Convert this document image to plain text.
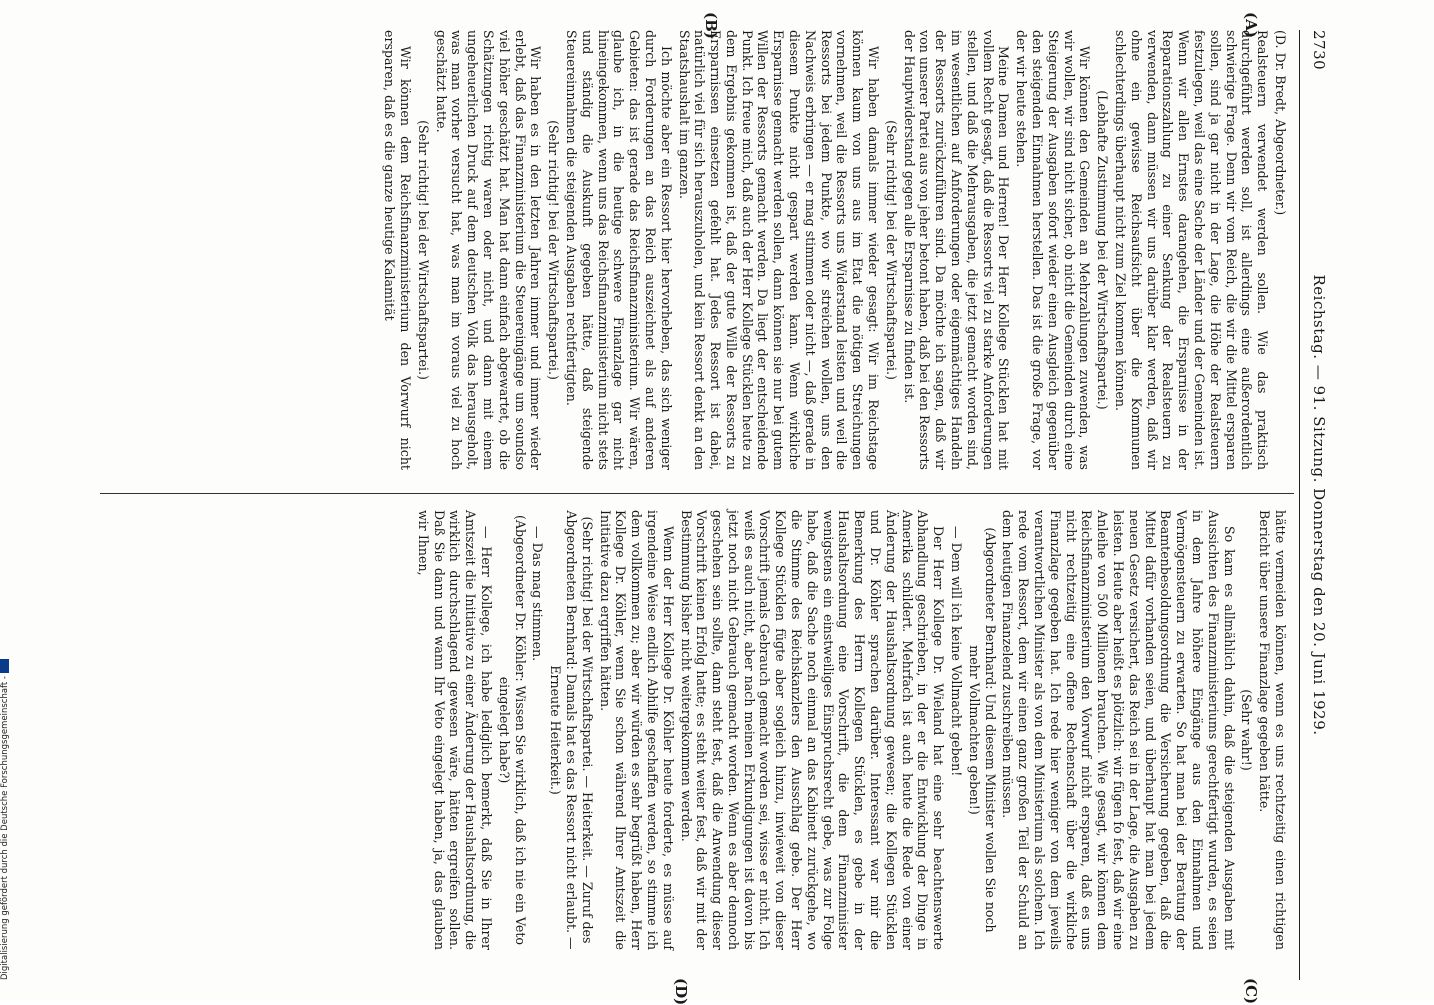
2730
Reichstag. — 91. Sitzung. Donnerstag den 20. Juni 1929.
(A)
(B)
(C)
(D)

(D. Dr. Bredt, Abgeordneter.)

Realsteuern verwendet werden sollen. Wie das praktisch durchgeführt werden soll, ist allerdings eine außerordentlich schwierige Frage. Denn wir vom Reich, die wir die Mittel ersparen sollen, sind ja gar nicht in der Lage, die Höhe der Realsteuern festzulegen, weil das eine Sache der Länder und der Gemeinden ist. Wenn wir allen Ernstes darangehen, die Ersparnisse in der Reparationszahlung zu einer Senkung der Realsteuern zu verwenden, dann müssen wir uns darüber klar werden, daß wir ohne ein gewisse Reichsaufsicht über die Kommunen schlechterdings überhaupt nicht zum Ziel kommen können.

(Lebhafte Zustimmung bei der Wirtschaftspartei.)

Wir können den Gemeinden an Mehrzahlungen zuwenden, was wir wollen, wir sind nicht sicher, ob nicht die Gemeinden durch eine Steigerung der Ausgaben sofort wieder einen Ausgleich gegenüber den steigenden Einnahmen herstellen. Das ist die große Frage, vor der wir heute stehen.

Meine Damen und Herren! Der Herr Kollege Stücklen hat mit vollem Recht gesagt, daß die Ressorts viel zu starke Anforderungen stellen, und daß die Mehrausgaben, die jetzt gemacht worden sind, im wesentlichen auf Anforderungen oder eigenmächtiges Handeln der Ressorts zurückzuführen sind. Da möchte ich sagen, daß wir von unserer Partei aus von jeher betont haben, daß bei den Ressorts der Hauptwiderstand gegen alle Ersparnisse zu finden ist.

(Sehr richtig! bei der Wirtschaftspartei.)

Wir haben damals immer wieder gesagt: Wir im Reichstage können kaum von uns aus im Etat die nötigen Streichungen vornehmen, weil die Ressorts uns Widerstand leisten und weil die Ressorts bei jedem Punkte, wo wir streichen wollen, uns den Nachweis erbringen — er mag stimmen oder nicht —, daß gerade in diesem Punkte nicht gespart werden kann. Wenn wirkliche Ersparnisse gemacht werden sollen, dann können sie nur bei gutem Willen der Ressorts gemacht werden. Da liegt der entscheidende Punkt. Ich freue mich, daß auch der Herr Kollege Stücklen heute zu dem Ergebnis gekommen ist, daß der gute Wille der Ressorts zu Ersparnissen einsetzen gefehlt hat. Jedes Ressort ist dabei, natürlich viel für sich herauszuholen, und kein Ressort denkt an den Staatshaushalt im ganzen.

Ich möchte aber ein Ressort hier hervorheben, das sich weniger durch Forderungen an das Reich auszeichnet als auf anderen Gebieten: das ist gerade das Reichsfinanzministerium. Wir wären, glaube ich, in die heutige schwere Finanzlage gar nicht hineingekommen, wenn uns das Reichsfinanzministerium nicht stets und ständig die Auskunft gegeben hätte, daß steigende Steuereinnahmen die steigenden Ausgaben rechtfertigten.

(Sehr richtig! bei der Wirtschaftspartei.)

Wir haben es in den letzten Jahren immer und immer wieder erlebt, daß das Finanzministerium die Steuereingänge um soundso viel höher geschätzt hat. Man hat dann einfach abgewartet, ob die Schätzungen richtig waren oder nicht, und dann mit einem ungeheuerlichen Druck auf dem deutschen Volk das herausgeholt, was man vorher versucht hat, was man im voraus viel zu hoch geschätzt hatte.

(Sehr richtig! bei der Wirtschaftspartei.)

Wir können dem Reichsfinanzministerium den Vorwurf nicht ersparen, daß es die ganze heutige Kalamität

hätte vermeiden können, wenn es uns rechtzeitig einen richtigen Bericht über unsere Finanzlage gegeben hätte.

(Sehr wahr!)

So kam es allmählich dahin, daß die steigenden Ausgaben mit Aussichten des Finanzministeriums gerechtfertigt wurden, es seien in dem Jahre höhere Eingänge aus den Einnahmen und Vermögensteuern zu erwarten. So hat man bei der Beratung der Beamtenbesoldungsordnung die Versicherung gegeben, daß die Mittel dafür vorhanden seien, und überhaupt hat man bei jedem neuen Gesetz versichert, das Reich sei in der Lage, die Ausgaben zu leisten. Heute aber heißt es plötzlich: wir fügen fo fest, daß wir eine Anleihe von 500 Millionen brauchen. Wie gesagt, wir können dem Reichsfinanzministerium den Vorwurf nicht ersparen, daß es uns nicht rechtzeitig eine offene Rechenschaft über die wirkliche Finanzlage gegeben hat. Ich rede hier weniger von dem jeweils verantwortlichen Minister als von dem Ministerium als solchem. Ich rede vom Ressort, dem wir einen ganz großen Teil der Schuld an dem heutigen Finanzelend zuschreiben müssen.

(Abgeordneter Bernhard: Und diesem Minister wollen Sie noch mehr Vollmachten geben!)

— Dem will ich keine Vollmacht geben!

Der Herr Kollege Dr. Wieland hat eine sehr beachtenswerte Abhandlung geschrieben, in der er die Entwicklung der Dinge in Amerika schildert. Mehrfach ist auch heute die Rede von einer Änderung der Haushaltsordnung gewesen; die Kollegen Stücklen und Dr. Köhler sprachen darüber. Interessant war mir die Bemerkung des Herrn Kollegen Stücklen, es gebe in der Haushaltsordnung eine Vorschrift, die dem Finanzminister wenigstens ein einstweiliges Einspruchsrecht gebe, was zur Folge habe, daß die Sache noch einmal an das Kabinett zurückgehe, wo die Stimme des Reichskanzlers den Ausschlag gebe. Der Herr Kollege Stücklen fügte aber sogleich hinzu, inwieweit von dieser Vorschrift jemals Gebrauch gemacht worden sei, wisse er nicht. Ich weiß es auch nicht, aber nach meinen Erkundigungen ist davon bis jetzt noch nicht Gebrauch gemacht worden. Wenn es aber dennoch geschehen sein sollte, dann steht fest, daß die Anwendung dieser Vorschrift keinen Erfolg hatte; es steht weiter fest, daß wir mit der Bestimmung bisher nicht weitergekommen werden.

Wenn der Herr Kollege Dr. Köhler heute forderte, es müsse auf irgendeine Weise endlich Abhilfe geschaffen werden, so stimme ich dem vollkommen zu; aber wir würden es sehr begrüßt haben, Herr Kollege Dr. Köhler, wenn Sie schon während Ihrer Amtszeit die Initiative dazu ergriffen hätten.

(Sehr richtig! bei der Wirtschaftspartei. — Heiterkeit. — Zuruf des Abgeordneten Bernhard: Damals hat es das Ressort nicht erlaubt. — Erneute Heiterkeit.)

— Das mag stimmen.

(Abgeordneter Dr. Köhler: Wissen Sie wirklich, daß ich nie ein Veto eingelegt habe?)

— Herr Kollege, ich habe lediglich bemerkt, daß Sie in Ihrer Amtszeit die Initiative zu einer Änderung der Haushaltsordnung, die wirklich durchschlagend gewesen wäre, hätten ergreifen sollen. Daß Sie dann und wann Ihr Veto eingelegt haben, ja, das glauben wir Ihnen,

Digitalisierung gefördert durch die Deutsche Forschungsgemeinschaft -
